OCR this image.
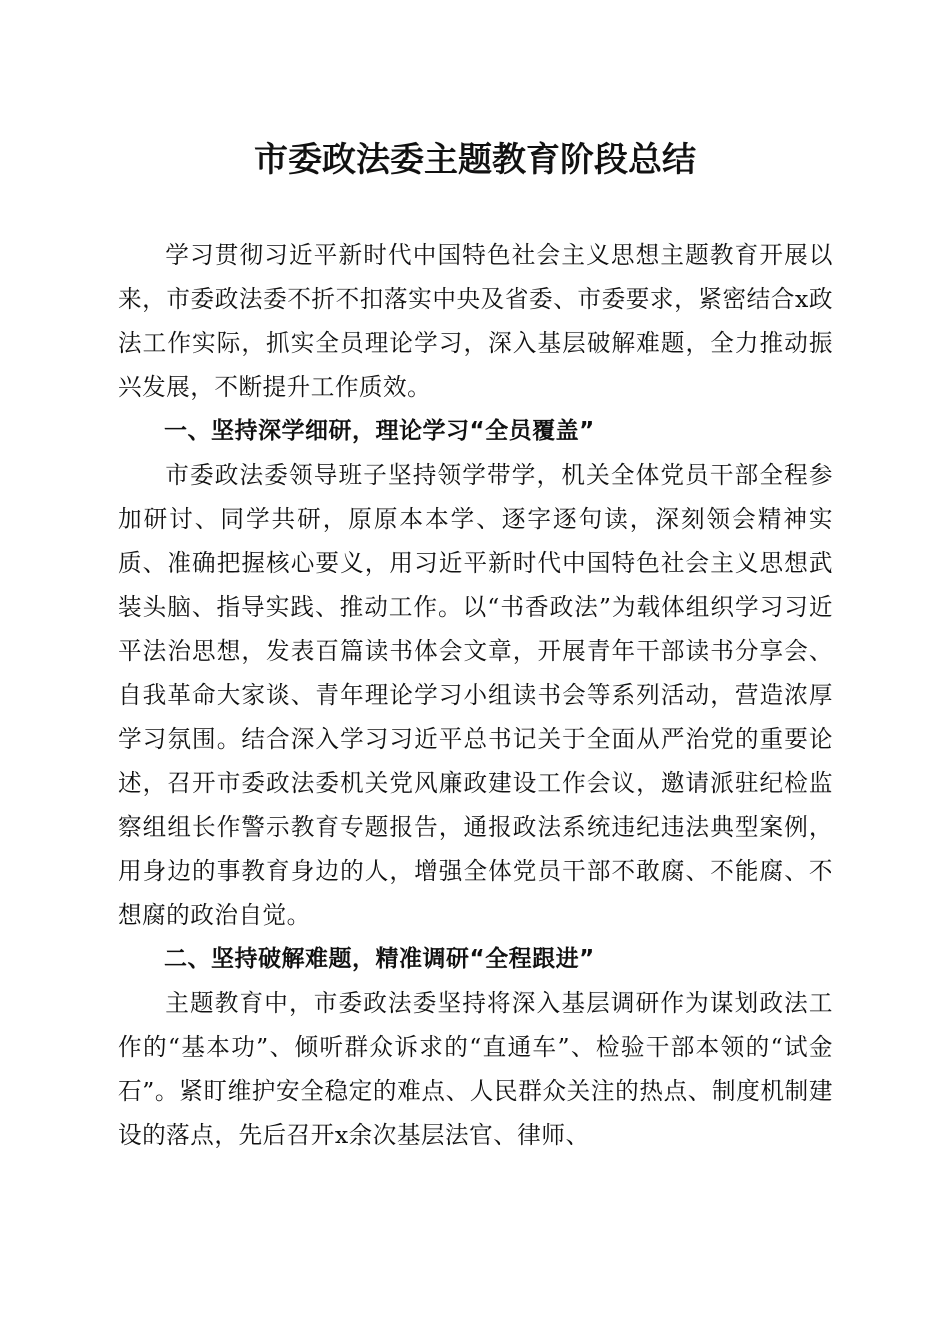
市委政法委主题教育阶段总结

学习贯彻习近平新时代中国特色社会主义思想主题教育开展以来，市委政法委不折不扣落实中央及省委、市委要求，紧密结合x政法工作实际，抓实全员理论学习，深入基层破解难题，全力推动振兴发展，不断提升工作质效。

一、坚持深学细研，理论学习“全员覆盖”

市委政法委领导班子坚持领学带学，机关全体党员干部全程参加研讨、同学共研，原原本本学、逐字逐句读，深刻领会精神实质、准确把握核心要义，用习近平新时代中国特色社会主义思想武装头脑、指导实践、推动工作。以“书香政法”为载体组织学习习近平法治思想，发表百篇读书体会文章，开展青年干部读书分享会、自我革命大家谈、青年理论学习小组读书会等系列活动，营造浓厚学习氛围。结合深入学习习近平总书记关于全面从严治党的重要论述，召开市委政法委机关党风廉政建设工作会议，邀请派驻纪检监察组组长作警示教育专题报告，通报政法系统违纪违法典型案例，用身边的事教育身边的人，增强全体党员干部不敢腐、不能腐、不想腐的政治自觉。

二、坚持破解难题，精准调研“全程跟进”

主题教育中，市委政法委坚持将深入基层调研作为谋划政法工作的“基本功”、倾听群众诉求的“直通车”、检验干部本领的“试金石”。紧盯维护安全稳定的难点、人民群众关注的热点、制度机制建设的落点，先后召开x余次基层法官、律师、
